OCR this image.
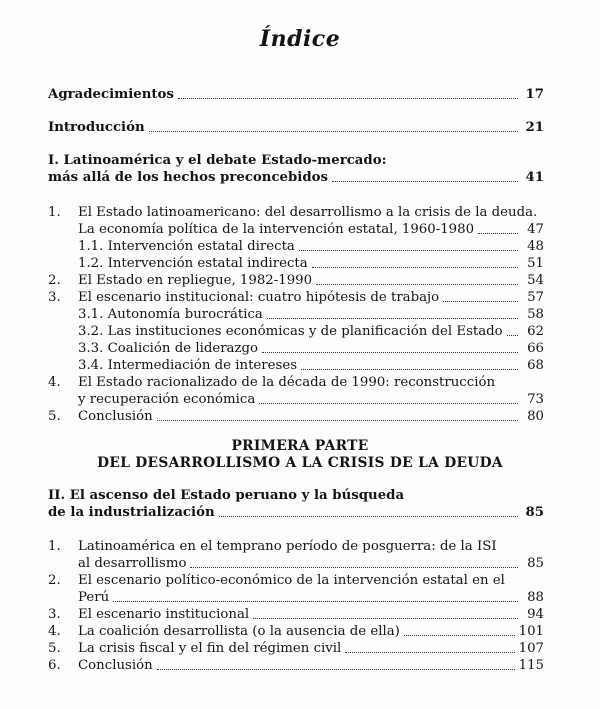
Índice
Agradecimientos	17
Introducción	21
I. Latinoamérica y el debate Estado-mercado:
más allá de los hechos preconcebidos	41
1. El Estado latinoamericano: del desarrollismo a la crisis de la deuda.
La economía política de la intervención estatal, 1960-1980	47
1.1. Intervención estatal directa	48
1.2. Intervención estatal indirecta	51
2.	El Estado en repliegue, 1982-1990	54
3.	El escenario institucional: cuatro hipótesis de trabajo	57
3.1. Autonomía burocrática	58
3.2. Las instituciones económicas y de planificación del Estado	62
3.3. Coalición de liderazgo	66
3.4. Intermediación de intereses	68
4. El Estado racionalizado de la década de 1990: reconstrucción
y recuperación económica	73
5.	Conclusión	80
PRIMERA PARTE
DEL DESARROLLISMO A LA CRISIS DE LA DEUDA
II. El ascenso del Estado peruano y la búsqueda
de la industrialización	85
1. Latinoamérica en el temprano período de posguerra: de la ISI
al desarrollismo	85
2. El escenario político-económico de la intervención estatal en el
Perú	88
3.	El escenario institucional	94
4.	La coalición desarrollista (o la ausencia de ella)	101
5.	La crisis fiscal y el fin del régimen civil	107
6.	Conclusión	115
